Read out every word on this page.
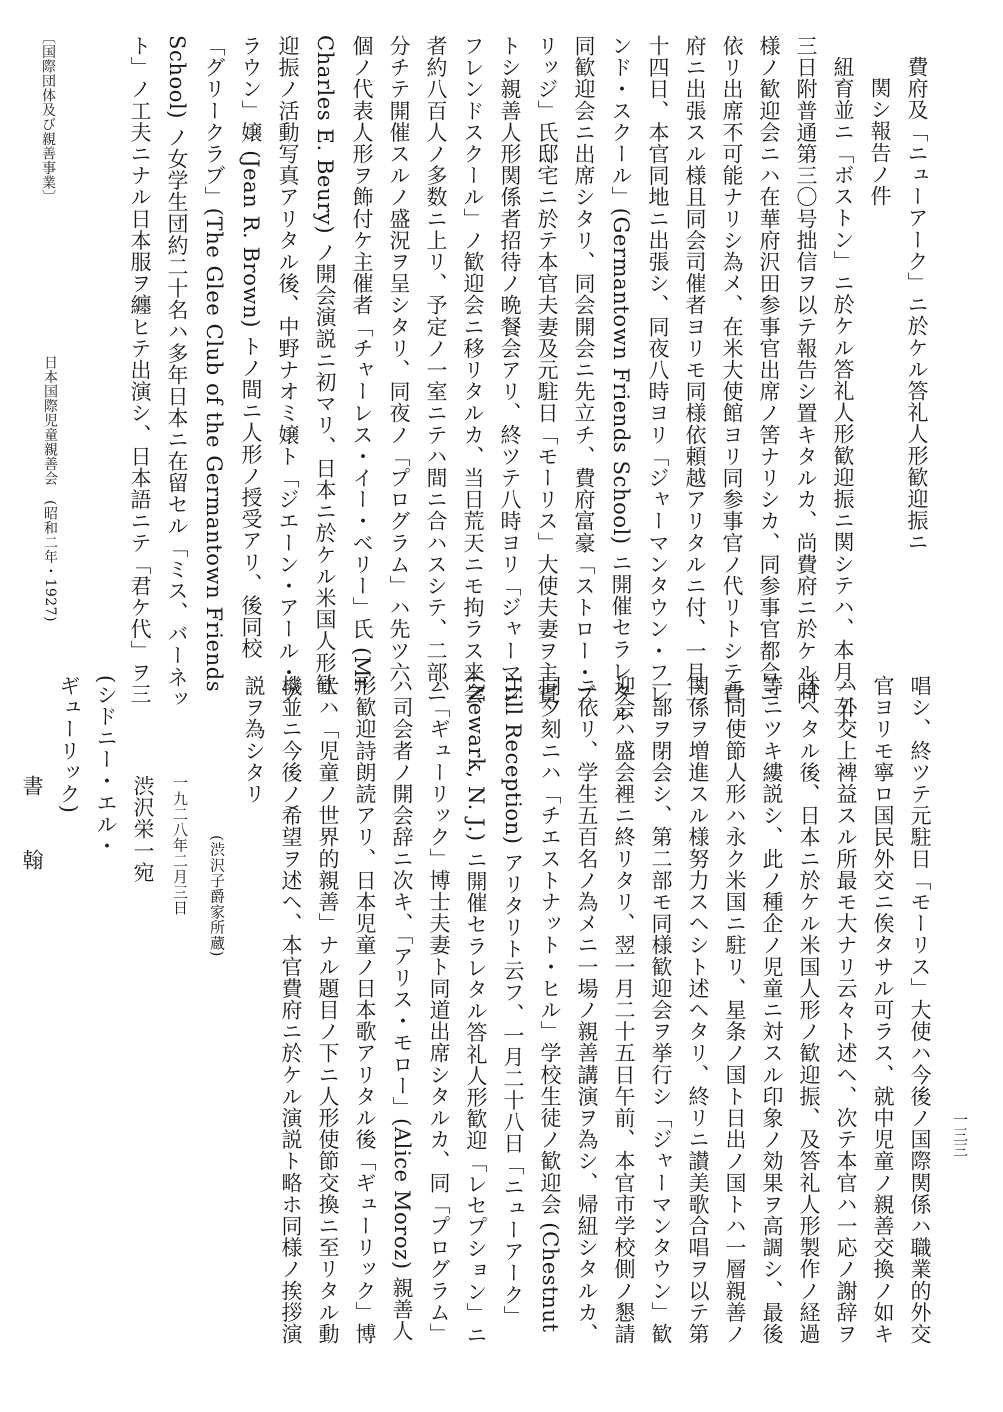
費府及「ニューアーク」ニ於ケル答礼人形歓迎振ニ
関シ報告ノ件
紐育並ニ「ボストン」ニ於ケル答礼人形歓迎振ニ関シテハ、本月二十
三日附普通第三〇号拙信ヲ以テ報告シ置キタルカ、尚費府ニ於ケル同
様ノ歓迎会ニハ在華府沢田参事官出席ノ筈ナリシカ、同参事官都合ニ
依リ出席不可能ナリシ為メ、在米大使館ヨリ同参事官ノ代リトシテ費
府ニ出張スル様且同会司催者ヨリモ同様依頼越アリタルニ付、一月二
十四日、本官同地ニ出張シ、同夜八時ヨリ「ジャーマンタウン・フレ
ンド・スクール」(Germantown Friends School) ニ開催セラレタル
同歓迎会ニ出席シタリ、同会開会ニ先立チ、費府富豪「ストロー・ブ
リッジ」氏邸宅ニ於テ本官夫妻及元駐日「モーリス」大使夫妻ヲ主賓
トシ親善人形関係者招待ノ晩餐会アリ、終ツテ八時ヨリ「ジャーマン
フレンドスクール」ノ歓迎会ニ移リタルカ、当日荒天ニモ拘ラス来会
者約八百人ノ多数ニ上リ、予定ノ一室ニテハ間ニ合ハスシテ、二部ニ
分チテ開催スルノ盛況ヲ呈シタリ、同夜ノ「プログラム」ハ先ツ六
個ノ代表人形ヲ飾付ケ主催者「チャーレス・イー・ベリー」氏 (Mr.
Charles E. Beury) ノ開会演説ニ初マリ、日本ニ於ケル米国人形歓
迎振ノ活動写真アリタル後、中野ナオミ嬢ト「ジエーン・アール・ブ
ラウン」嬢 (Jean R. Brown) トノ間ニ人形ノ授受アリ、後同校
「グリークラブ」(The Glee Club of the Germantown Friends
School) ノ女学生団約二十名ハ多年日本ニ在留セル「ミス、バーネッ
ト」ノ工夫ニナル日本服ヲ纏ヒテ出演シ、日本語ニテ「君ケ代」ヲ三
唱シ、終ツテ元駐日「モーリス」大使ハ今後ノ国際関係ハ職業的外交
官ヨリモ寧ロ国民外交ニ俟タサル可ラス、就中児童ノ親善交換ノ如キ
ハ外交上裨益スル所最モ大ナリ云々ト述ヘ、次テ本官ハ一応ノ謝辞ヲ
述ヘタル後、日本ニ於ケル米国人形ノ歓迎振、及答礼人形製作ノ経過
等ニツキ縷説シ、此ノ種企ノ児童ニ対スル印象ノ効果ヲ高調シ、最後
ニ同使節人形ハ永ク米国ニ駐リ、星条ノ国ト日出ノ国トハ一層親善ノ
関係ヲ増進スル様努力スヘシト述ヘタリ、終リニ讃美歌合唱ヲ以テ第
一部ヲ閉会シ、第二部モ同様歓迎会ヲ挙行シ「ジャーマンタウン」歓
迎会ハ盛会裡ニ終リタリ、翌一月二十五日午前、本官市学校側ノ懇請
ニ依リ、学生五百名ノ為メニ一場ノ親善講演ヲ為シ、帰紐シタルカ、
同夕刻ニハ「チエストナット・ヒル」学校生徒ノ歓迎会 (Chestnut
Hill Reception) アリタリト云フ、一月二十八日「ニューアーク」
(Newark, N. J.) ニ開催セラレタル答礼人形歓迎「レセプション」ニ
ハ「ギューリック」博士夫妻ト同道出席シタルカ、同「プログラム」
ハ司会者ノ開会辞ニ次キ、「アリス・モロー」(Alice Moroz) 親善人
形歓迎詩朗読アリ、日本児童ノ日本歌アリタル後「ギューリック」博
士ハ「児童ノ世界的親善」ナル題目ノ下ニ人形使節交換ニ至リタル動
機並ニ今後ノ希望ヲ述ヘ、本官費府ニ於ケル演説ト略ホ同様ノ挨拶演
説ヲ為シタリ
(渋沢子爵家所蔵)
一九二八年二月三日
渋沢栄一宛
(シドニー・エル・
ギューリック)
書　翰
〔国際団体及び親善事業〕
日本国際児童親善会　(昭和二年・1927)
一三三
